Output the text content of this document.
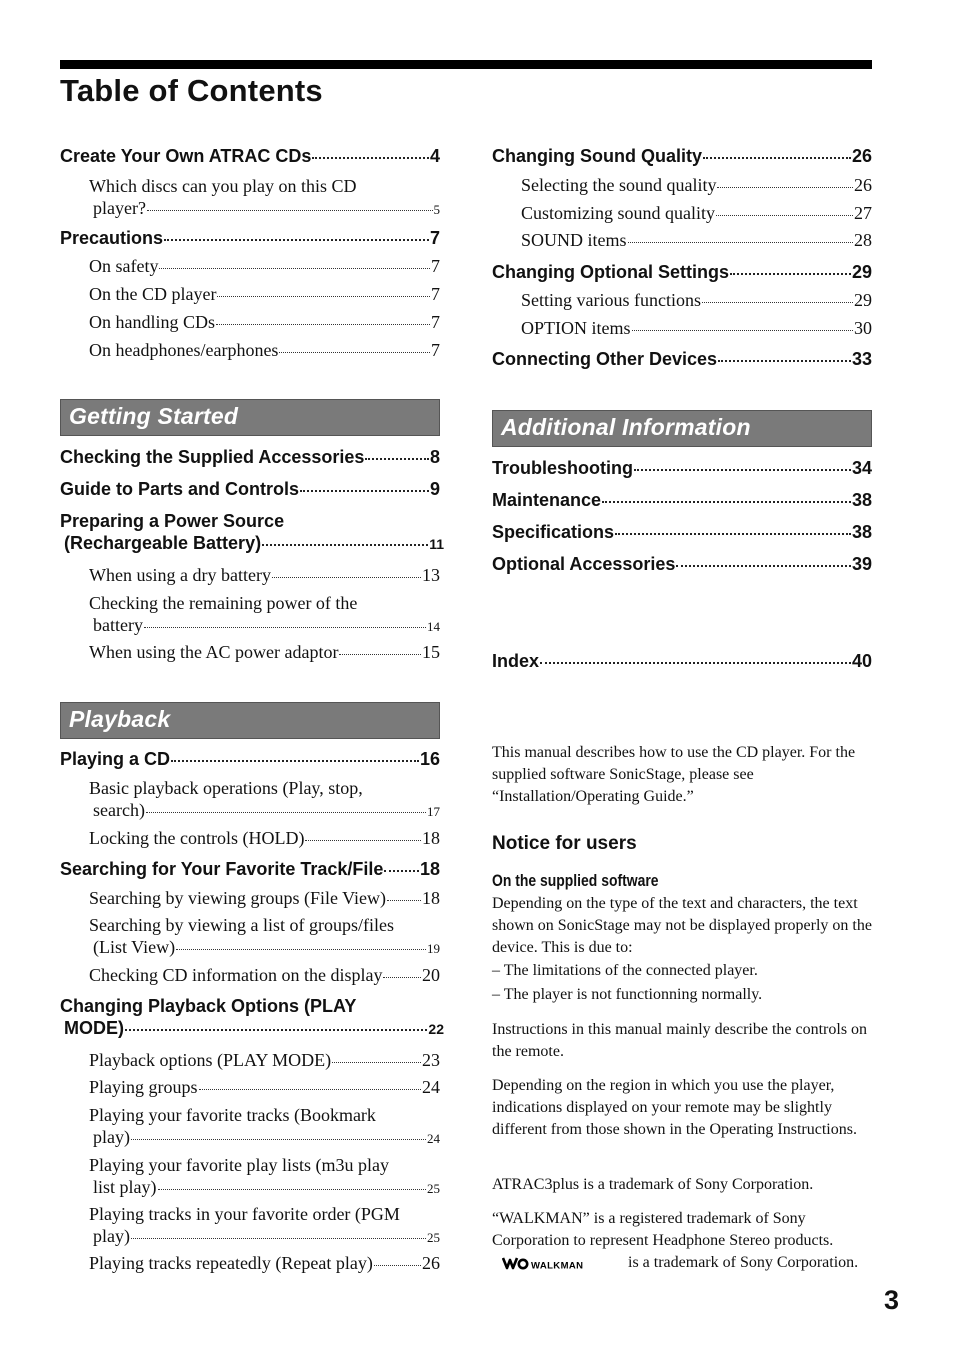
Table of Contents
Create Your Own ATRAC CDs	4
Which discs can you play on this CD
player?	5
Precautions	7
On safety	7
On the CD player	7
On handling CDs	7
On headphones/earphones	7
Getting Started
Checking the Supplied Accessories	8
Guide to Parts and Controls	9
Preparing a Power Source
(Rechargeable Battery)	11
When using a dry battery	13
Checking the remaining power of the
battery	14
When using the AC power adaptor	15
Playback
Playing a CD	16
Basic playback operations (Play, stop,
search)	17
Locking the controls (HOLD)	18
Searching for Your Favorite Track/File 18
Searching by viewing groups (File View) 18
Searching by viewing a list of groups/files
(List View)	19
Checking CD information on the display 20
Changing Playback Options (PLAY
MODE)	22
Playback options (PLAY MODE)	23
Playing groups	24
Playing your favorite tracks (Bookmark
play)	24
Playing your favorite play lists (m3u play
list play)	25
Playing tracks in your favorite order (PGM
play)	25
Playing tracks repeatedly (Repeat play)	26
Changing Sound Quality	26
Selecting the sound quality	26
Customizing sound quality	27
SOUND items	28
Changing Optional Settings	29
Setting various functions	29
OPTION items	30
Connecting Other Devices	33
Additional Information
Troubleshooting	34
Maintenance	38
Specifications	38
Optional Accessories	39
Index	40

This manual describes how to use the CD player. For the supplied software SonicStage, please see “Installation/Operating Guide.”

Notice for users

On the supplied software

Depending on the type of the text and characters, the text shown on SonicStage may not be displayed properly on the device. This is due to:

– The limitations of the connected player.
– The player is not functionning normally.

Instructions in this manual mainly describe the controls on the remote.

Depending on the region in which you use the player, indications displayed on your remote may be slightly different from those shown in the Operating Instructions.

ATRAC3plus is a trademark of Sony Corporation.

“WALKMAN” is a registered trademark of Sony Corporation to represent Headphone Stereo products.
WALKMAN	is a trademark of Sony Corporation.

3
